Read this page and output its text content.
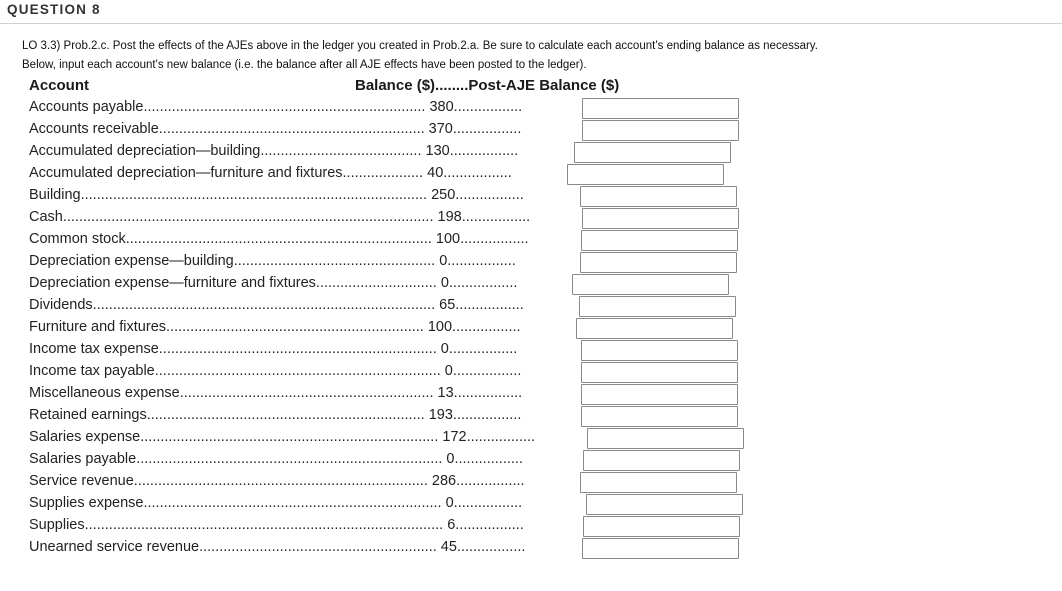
QUESTION 8
LO 3.3) Prob.2.c. Post the effects of the AJEs above in the ledger you created in Prob.2.a. Be sure to calculate each account’s ending balance as necessary.
Below, input each account's new balance (i.e. the balance after all AJE effects have been posted to the ledger).
Account	Balance ($)........Post-AJE Balance ($)
Accounts payable...................................................................... 380.................
Accounts receivable.................................................................. 370.................
Accumulated depreciation—building........................................ 130.................
Accumulated depreciation—furniture and fixtures.................... 40.................
Building...................................................................................... 250.................
Cash............................................................................................ 198.................
Common stock............................................................................ 100.................
Depreciation expense—building.................................................. 0.................
Depreciation expense—furniture and fixtures.............................. 0.................
Dividends..................................................................................... 65.................
Furniture and fixtures................................................................ 100.................
Income tax expense..................................................................... 0.................
Income tax payable....................................................................... 0.................
Miscellaneous expense............................................................... 13.................
Retained earnings..................................................................... 193.................
Salaries expense.......................................................................... 172.................
Salaries payable............................................................................ 0.................
Service revenue......................................................................... 286.................
Supplies expense.......................................................................... 0.................
Supplies......................................................................................... 6.................
Unearned service revenue........................................................... 45.................
